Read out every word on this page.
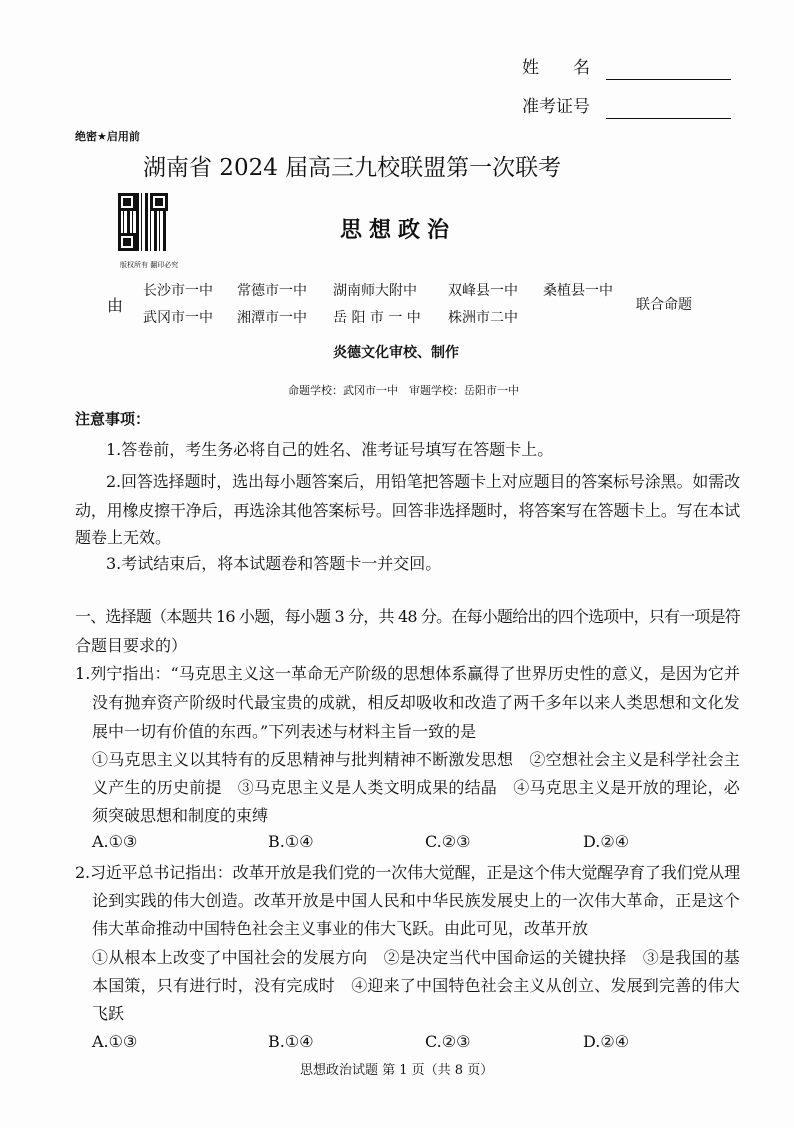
姓　　名
准考证号
绝密★启用前
湖南省 2024 届高三九校联盟第一次联考
版权所有 翻印必究
思想政治
由
长沙市一中 常德市一中 湖南师大附中 双峰县一中 桑植县一中
武冈市一中 湘潭市一中 岳 阳 市 一 中 株洲市二中
联合命题
炎德文化审校、制作
命题学校：武冈市一中　审题学校：岳阳市一中
注意事项：
1.答卷前，考生务必将自己的姓名、准考证号填写在答题卡上。
2.回答选择题时，选出每小题答案后，用铅笔把答题卡上对应题目的答案标号涂黑。如需改
动，用橡皮擦干净后，再选涂其他答案标号。回答非选择题时，将答案写在答题卡上。写在本试
题卷上无效。
3.考试结束后，将本试题卷和答题卡一并交回。
一、选择题（本题共 16 小题，每小题 3 分，共 48 分。在每小题给出的四个选项中，只有一项是符
合题目要求的）
1.列宁指出：“马克思主义这一革命无产阶级的思想体系赢得了世界历史性的意义，是因为它并
没有抛弃资产阶级时代最宝贵的成就，相反却吸收和改造了两千多年以来人类思想和文化发
展中一切有价值的东西。”下列表述与材料主旨一致的是
①马克思主义以其特有的反思精神与批判精神不断激发思想　②空想社会主义是科学社会主
义产生的历史前提　③马克思主义是人类文明成果的结晶　④马克思主义是开放的理论，必
须突破思想和制度的束缚
A.①③	B.①④	C.②③	D.②④
2.习近平总书记指出：改革开放是我们党的一次伟大觉醒，正是这个伟大觉醒孕育了我们党从理
论到实践的伟大创造。改革开放是中国人民和中华民族发展史上的一次伟大革命，正是这个
伟大革命推动中国特色社会主义事业的伟大飞跃。由此可见，改革开放
①从根本上改变了中国社会的发展方向　②是决定当代中国命运的关键抉择　③是我国的基
本国策，只有进行时，没有完成时　④迎来了中国特色社会主义从创立、发展到完善的伟大
飞跃
A.①③	B.①④	C.②③	D.②④
思想政治试题 第 1 页（共 8 页）
